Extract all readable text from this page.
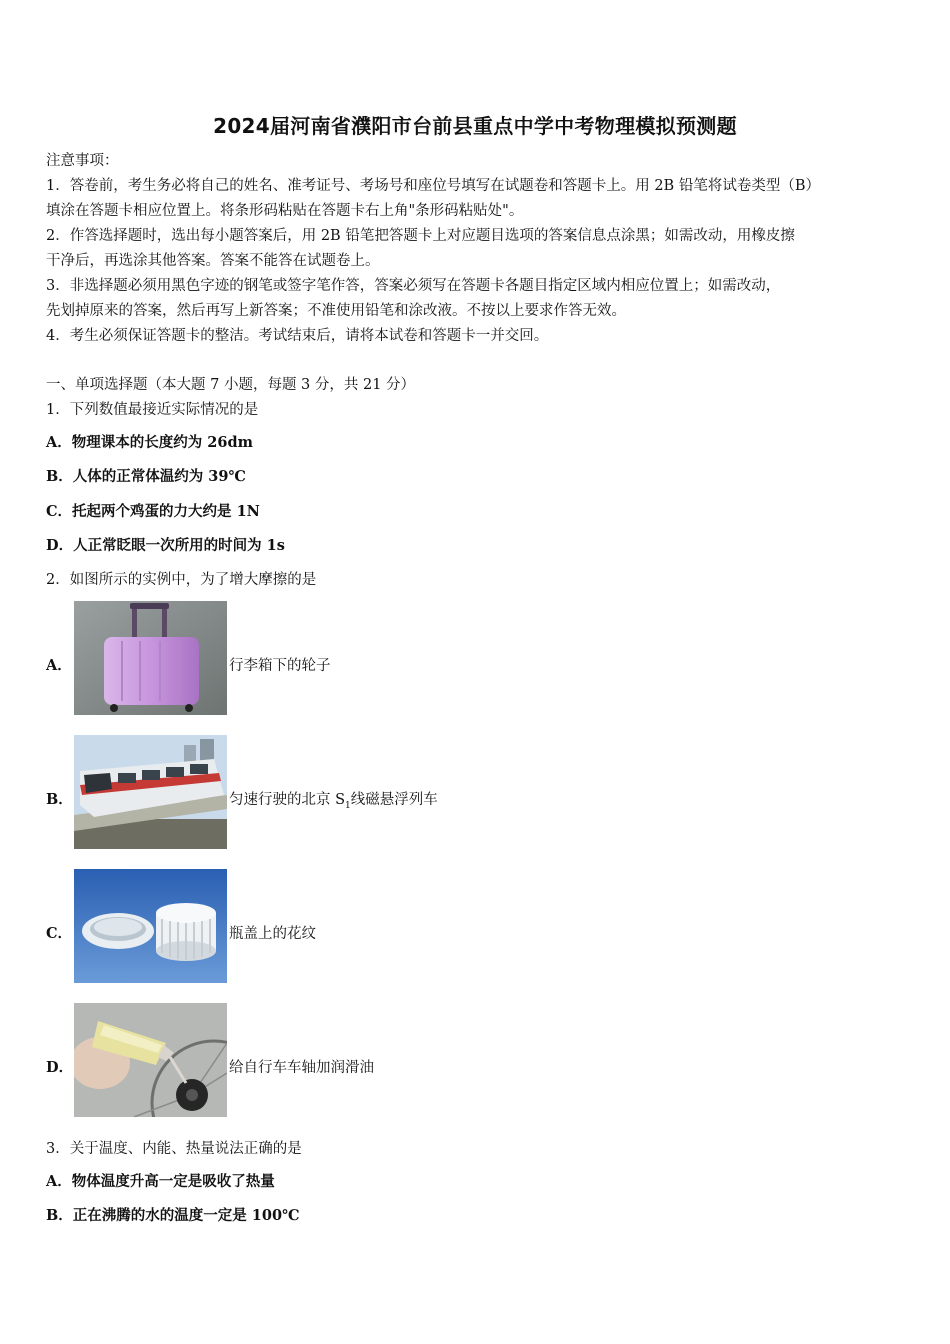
2024届河南省濮阳市台前县重点中学中考物理模拟预测题
注意事项：
1．答卷前，考生务必将自己的姓名、准考证号、考场号和座位号填写在试题卷和答题卡上。用 2B 铅笔将试卷类型（B）
填涂在答题卡相应位置上。将条形码粘贴在答题卡右上角"条形码粘贴处"。
2．作答选择题时，选出每小题答案后，用 2B 铅笔把答题卡上对应题目选项的答案信息点涂黑；如需改动，用橡皮擦
干净后，再选涂其他答案。答案不能答在试题卷上。
3．非选择题必须用黑色字迹的钢笔或签字笔作答，答案必须写在答题卡各题目指定区域内相应位置上；如需改动，
先划掉原来的答案，然后再写上新答案；不准使用铅笔和涂改液。不按以上要求作答无效。
4．考生必须保证答题卡的整洁。考试结束后，请将本试卷和答题卡一并交回。
一、单项选择题（本大题 7 小题，每题 3 分，共 21 分）
1．下列数值最接近实际情况的是
A．物理课本的长度约为 26dm
B．人体的正常体温约为 39℃
C．托起两个鸡蛋的力大约是 1N
D．人正常眨眼一次所用的时间为 1s
2．如图所示的实例中，为了增大摩擦的是
A．	行李箱下的轮子
B．	匀速行驶的北京 $S_1$线磁悬浮列车
C．	瓶盖上的花纹
D．	给自行车车轴加润滑油
3．关于温度、内能、热量说法正确的是
A．物体温度升高一定是吸收了热量
B．正在沸腾的水的温度一定是 100℃
